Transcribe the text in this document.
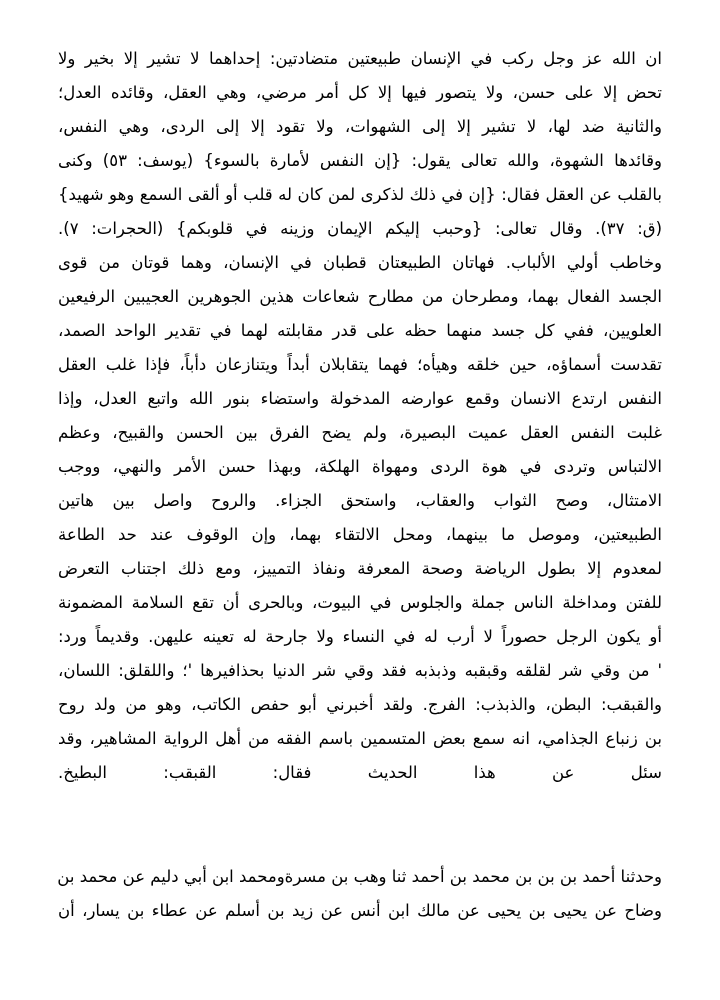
ان الله عز وجل ركب في الإنسان طبيعتين متضادتين: إحداهما لا تشير إلا بخير ولا
تحض إلا على حسن، ولا يتصور فيها إلا كل أمر مرضي، وهي العقل، وقائده العدل؛
والثانية ضد لها، لا تشير إلا إلى الشهوات، ولا تقود إلا إلى الردى، وهي النفس،
وقائدها الشهوة، والله تعالى يقول: {إن النفس لأمارة بالسوء} (يوسف: ٥٣) وكنى
بالقلب عن العقل فقال: {إن في ذلك لذكرى لمن كان له قلب أو ألقى السمع وهو شهيد}
(ق: ٣٧). وقال تعالى: {وحبب إليكم الإيمان وزينه في قلوبكم} (الحجرات: ٧).
وخاطب أولي الألباب. فهاتان الطبيعتان قطبان في الإنسان، وهما قوتان من قوى
الجسد الفعال بهما، ومطرحان من مطارح شعاعات هذين الجوهرين العجيبين الرفيعين
العلويين، ففي كل جسد منهما حظه على قدر مقابلته لهما في تقدير الواحد الصمد،
تقدست أسماؤه، حين خلقه وهيأه؛ فهما يتقابلان أبداً ويتنازعان دأباً، فإذا غلب العقل
النفس ارتدع الانسان وقمع عوارضه المدخولة واستضاء بنور الله واتبع العدل، وإذا
غلبت النفس العقل عميت البصيرة، ولم يضح الفرق بين الحسن والقبيح، وعظم
الالتباس وتردى في هوة الردى ومهواة الهلكة، وبهذا حسن الأمر والنهي، ووجب
الامتثال، وصح الثواب والعقاب، واستحق الجزاء. والروح واصل بين هاتين
الطبيعتين، وموصل ما بينهما، ومحل الالتقاء بهما، وإن الوقوف عند حد الطاعة
لمعدوم إلا بطول الرياضة وصحة المعرفة ونفاذ التمييز، ومع ذلك اجتناب التعرض
للفتن ومداخلة الناس جملة والجلوس في البيوت، وبالحرى أن تقع السلامة المضمونة
أو يكون الرجل حصوراً لا أرب له في النساء ولا جارحة له تعينه عليهن. وقديماً ورد:
' من وقي شر لقلقه وقبقبه وذبذبه فقد وقي شر الدنيا بحذافيرها '؛ واللقلق: اللسان،
والقبقب: البطن، والذبذب: الفرج. ولقد أخبرني أبو حفص الكاتب، وهو من ولد روح
بن زنباع الجذامي، انه سمع بعض المتسمين باسم الفقه من أهل الرواية المشاهير، وقد
سئل عن هذا الحديث فقال: القبقب: البطيخ.
وحدثنا أحمد بن بن بن محمد بن أحمد ثنا وهب بن مسرةومحمد ابن أبي دليم عن محمد بن
وضاح عن يحيى بن يحيى عن مالك ابن أنس عن زيد بن أسلم عن عطاء بن يسار، أن
